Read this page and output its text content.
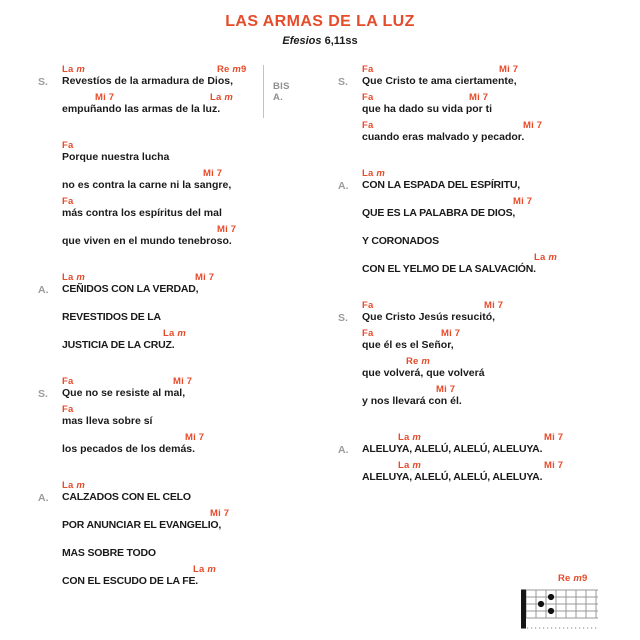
LAS ARMAS DE LA LUZ
Efesios 6,11ss
S.
La m	Re m9
Revestíos de la armadura de Dios,
Mi 7	La m
empuñando las armas de la luz.
BIS A.
Fa
Porque nuestra lucha
Mi 7
no es contra la carne ni la sangre,
Fa
más contra los espíritus del mal
Mi 7
que viven en el mundo tenebroso.
A.
La m	Mi 7
CEÑIDOS CON LA VERDAD,
REVESTIDOS DE LA
La m
JUSTICIA DE LA CRUZ.
S.
Fa	Mi 7
Que no se resiste al mal,
Fa
mas lleva sobre sí
Mi 7
los pecados de los demás.
A.
La m
CALZADOS CON EL CELO
Mi 7
POR ANUNCIAR EL EVANGELIO,
MAS SOBRE TODO
La m
CON EL ESCUDO DE LA FE.
S.
Fa	Mi 7
Que Cristo te ama ciertamente,
Fa	Mi 7
que ha dado su vida por ti
Fa	Mi 7
cuando eras malvado y pecador.
A.
La m
CON LA ESPADA DEL ESPÍRITU,
Mi 7
QUE ES LA PALABRA DE DIOS,
Y CORONADOS
La m
CON EL YELMO DE LA SALVACIÓN.
S.
Fa	Mi 7
Que Cristo Jesús resucitó,
Fa	Mi 7
que él es el Señor,
Re m
que volverá, que volverá
Mi 7
y nos llevará con él.
A.
La m	Mi 7
ALELUYA, ALELÚ, ALELÚ, ALELUYA.
La m	Mi 7
ALELUYA, ALELÚ, ALELÚ, ALELUYA.
Re m9
